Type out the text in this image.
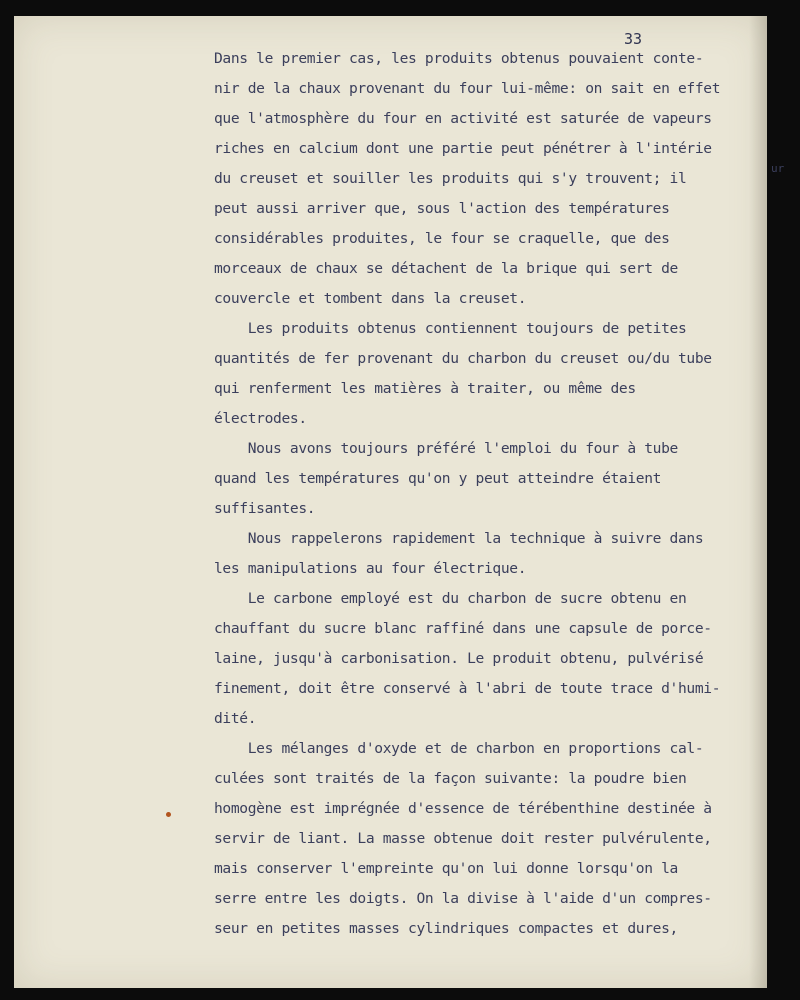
33

Dans le premier cas, les produits obtenus pouvaient conte-

nir de la chaux provenant du four lui-même: on sait en effet

que l'atmosphère du four en activité est saturée de vapeurs

riches en calcium dont une partie peut pénétrer à l'intérie

du creuset et souiller les produits qui s'y trouvent; il

peut aussi arriver que, sous l'action des températures

considérables produites, le four se craquelle, que des

morceaux de chaux se détachent de la brique qui sert de

couvercle et tombent dans la creuset.

Les produits obtenus contiennent toujours de petites

quantités de fer provenant du charbon du creuset ou/du tube

qui renferment les matières à traiter, ou même des

électrodes.

Nous avons toujours préféré l'emploi du four à tube

quand les températures qu'on y peut atteindre étaient

suffisantes.

Nous rappelerons rapidement la technique à suivre dans

les manipulations au four électrique.

Le carbone employé est du charbon de sucre obtenu en

chauffant du sucre blanc raffiné dans une capsule de porce-

laine, jusqu'à carbonisation. Le produit obtenu, pulvérisé

finement, doit être conservé à l'abri de toute trace d'humi-

dité.

Les mélanges d'oxyde et de charbon en proportions cal-

culées sont traités de la façon suivante: la poudre bien

homogène est imprégnée d'essence de térébenthine destinée à

servir de liant. La masse obtenue doit rester pulvérulente,

mais conserver l'empreinte qu'on lui donne lorsqu'on la

serre entre les doigts. On la divise à l'aide d'un compres-

seur en petites masses cylindriques compactes et dures,

ur
